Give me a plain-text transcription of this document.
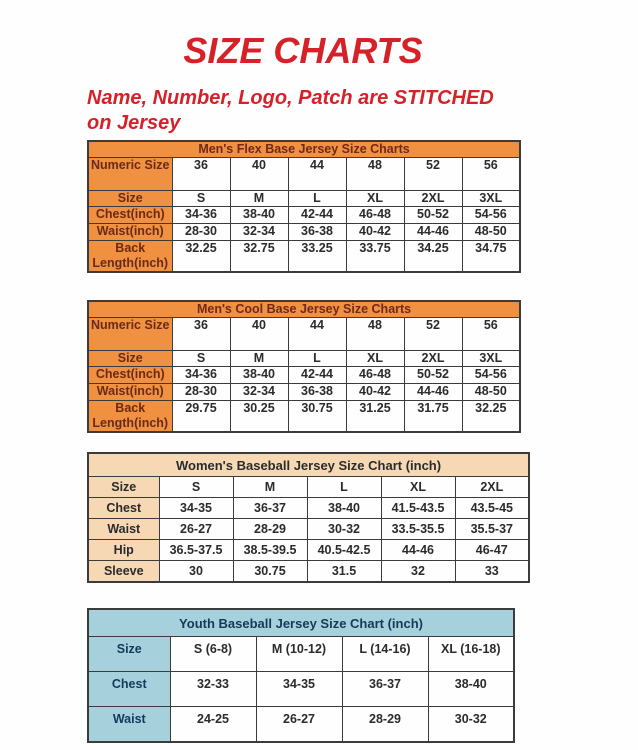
SIZE CHARTS
Name, Number, Logo, Patch are STITCHED
on Jersey
Men's Flex Base Jersey Size Charts						
Numeric Size	36	40	44	48	52	56
Size	S	M	L	XL	2XL	3XL
Chest(inch)	34-36	38-40	42-44	46-48	50-52	54-56
Waist(inch)	28-30	32-34	36-38	40-42	44-46	48-50
Back Length(inch)	32.25	32.75	33.25	33.75	34.25	34.75
Men's Cool Base Jersey Size Charts						
Numeric Size	36	40	44	48	52	56
Size	S	M	L	XL	2XL	3XL
Chest(inch)	34-36	38-40	42-44	46-48	50-52	54-56
Waist(inch)	28-30	32-34	36-38	40-42	44-46	48-50
Back Length(inch)	29.75	30.25	30.75	31.25	31.75	32.25
Women's Baseball Jersey Size Chart (inch)					
Size	S	M	L	XL	2XL
Chest	34-35	36-37	38-40	41.5-43.5	43.5-45
Waist	26-27	28-29	30-32	33.5-35.5	35.5-37
Hip	36.5-37.5	38.5-39.5	40.5-42.5	44-46	46-47
Sleeve	30	30.75	31.5	32	33
Youth Baseball Jersey Size Chart (inch)				
Size	S (6-8)	M (10-12)	L (14-16)	XL (16-18)
Chest	32-33	34-35	36-37	38-40
Waist	24-25	26-27	28-29	30-32
